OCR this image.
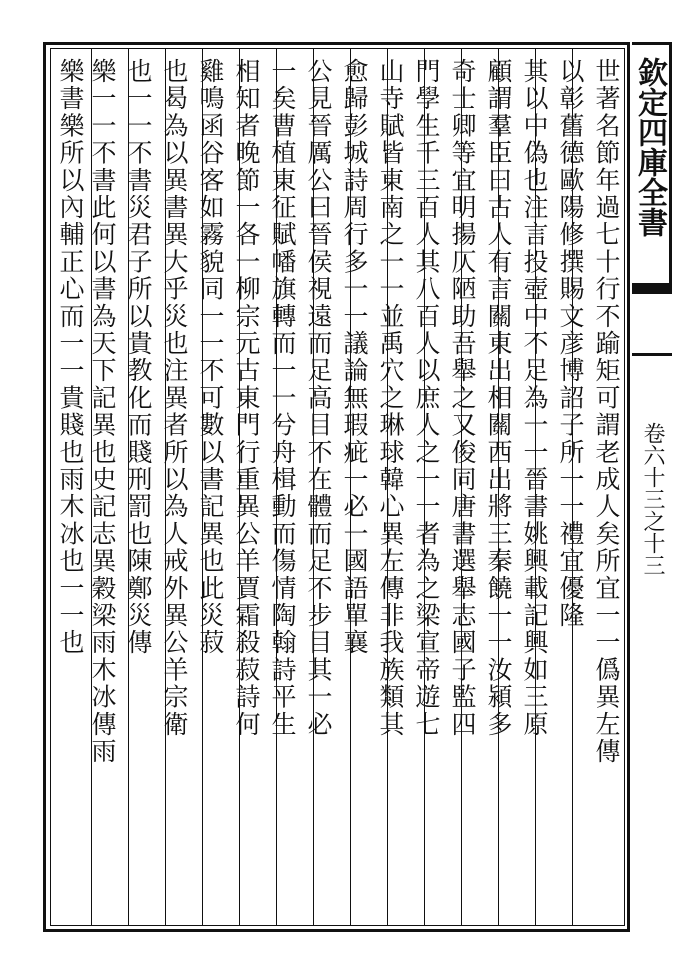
世著名節年過七十行不踰矩可謂老成人矣所宜一一僞異左傳
以彰舊德歐陽修撰賜文彦博詔子所一一禮宜優隆
其以中偽也注言投壺中不足為一一晉書姚興載記興如三原
顧謂羣臣曰古人有言關東出相關西出將三秦饒一一汝潁多
奇士卿等宜明揚仄陋助吾舉之又俊同唐書選舉志國子監四
門學生千三百人其八百人以庶人之一一者為之梁宣帝遊七
山寺賦皆東南之一一並禹穴之琳球韓心異左傳非我族類其
愈歸彭城詩周行多一一議論無瑕疵一必一國語單襄
公見晉厲公曰晉侯視遠而足高目不在體而足不步目其一必
一矣曹植東征賦幡旗轉而一一兮舟楫動而傷情陶翰詩平生
相知者晚節一各一柳宗元古東門行重異公羊賈霜殺菽詩何
雞鳴函谷客如霧貌同一一不可數以書記異也此災菽
也曷為以異書異大乎災也注異者所以為人戒外異公羊宗衛
也一一不書災君子所以貴教化而賤刑罰也陳鄭災傳
樂一一不書此何以書為天下記異也史記志異穀梁雨木冰傳雨
樂書樂所以內輔正心而一一貴賤也雨木冰也一一也	欽定四庫全書
卷六十三之十三
